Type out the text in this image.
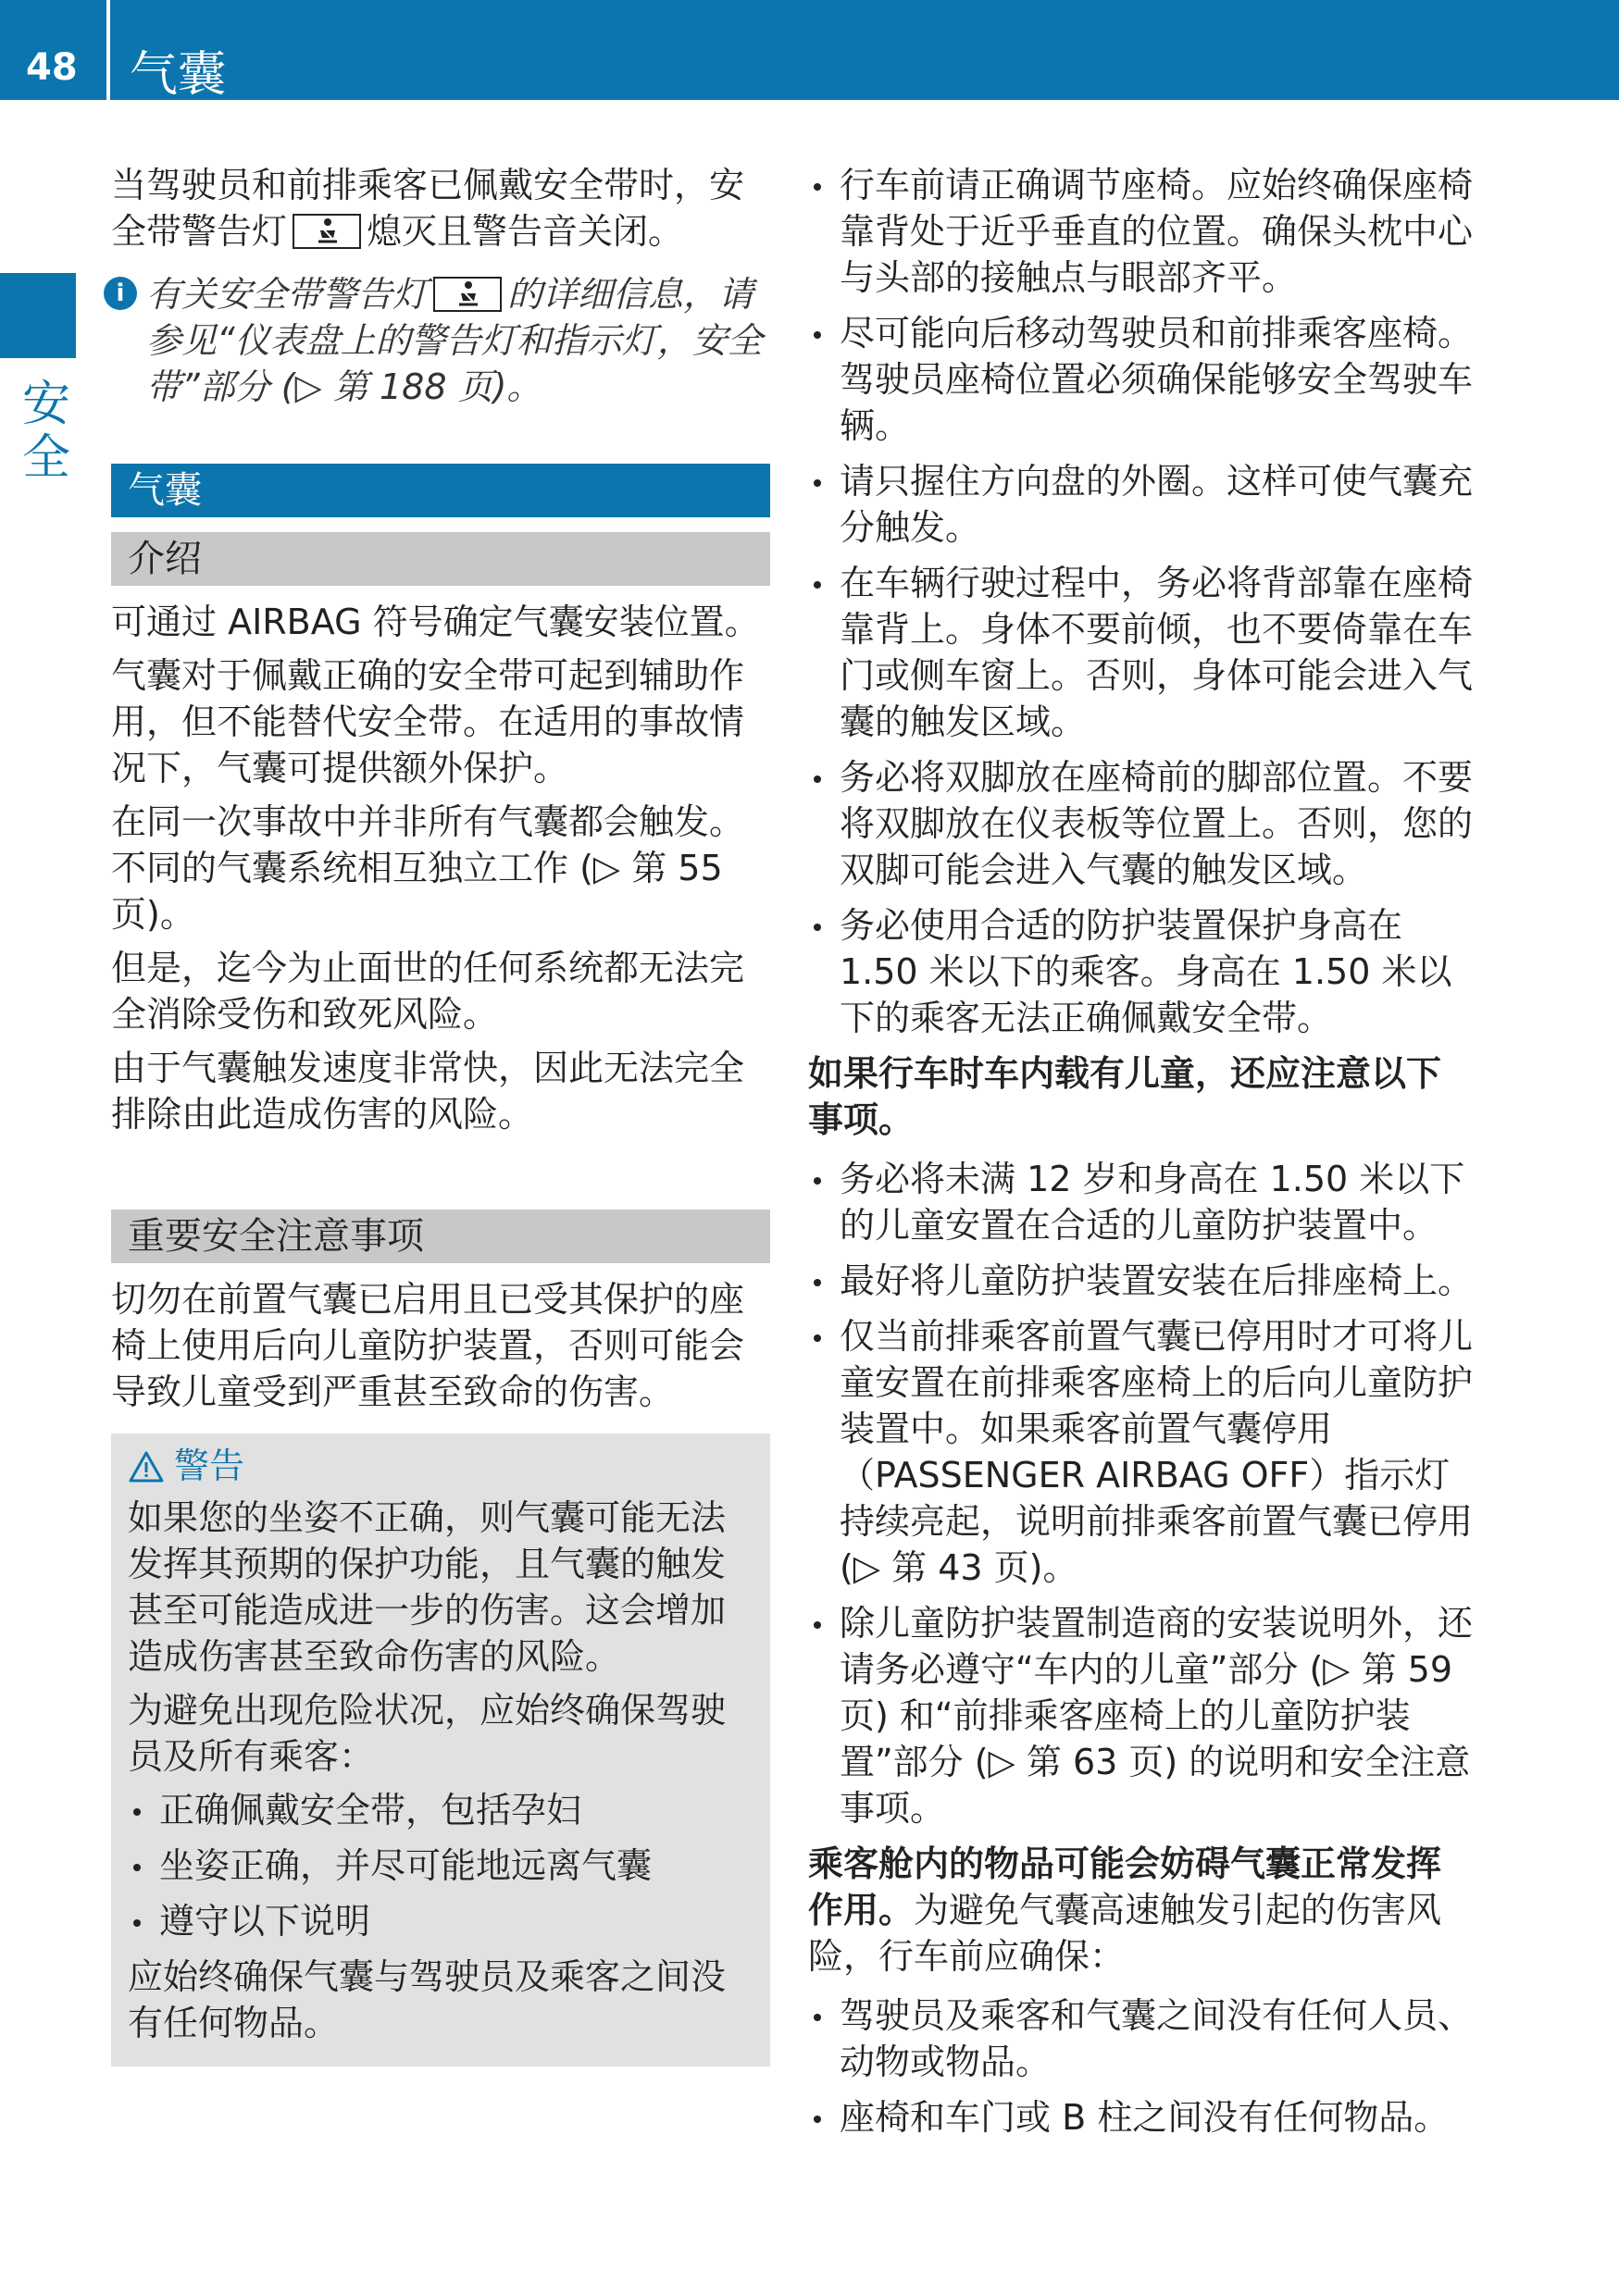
48 气囊
安全

当驾驶员和前排乘客已佩戴安全带时，安全带警告灯 熄灭且警告音关闭。

i 有关安全带警告灯 的详细信息，请参见“仪表盘上的警告灯和指示灯，安全带”部分 (▷ 第 188 页)。
气囊
介绍

可通过 AIRBAG 符号确定气囊安装位置。

气囊对于佩戴正确的安全带可起到辅助作用，但不能替代安全带。在适用的事故情况下，气囊可提供额外保护。

在同一次事故中并非所有气囊都会触发。不同的气囊系统相互独立工作 (▷ 第 55 页)。

但是，迄今为止面世的任何系统都无法完全消除受伤和致死风险。

由于气囊触发速度非常快，因此无法完全排除由此造成伤害的风险。

重要安全注意事项

切勿在前置气囊已启用且已受其保护的座椅上使用后向儿童防护装置，否则可能会导致儿童受到严重甚至致命的伤害。

警告

如果您的坐姿不正确，则气囊可能无法发挥其预期的保护功能，且气囊的触发甚至可能造成进一步的伤害。这会增加造成伤害甚至致命伤害的风险。

为避免出现危险状况，应始终确保驾驶员及所有乘客：

正确佩戴安全带，包括孕妇
坐姿正确，并尽可能地远离气囊
遵守以下说明

应始终确保气囊与驾驶员及乘客之间没有任何物品。

行车前请正确调节座椅。应始终确保座椅靠背处于近乎垂直的位置。确保头枕中心与头部的接触点与眼部齐平。
尽可能向后移动驾驶员和前排乘客座椅。驾驶员座椅位置必须确保能够安全驾驶车辆。
请只握住方向盘的外圈。这样可使气囊充分触发。
在车辆行驶过程中，务必将背部靠在座椅靠背上。身体不要前倾，也不要倚靠在车门或侧车窗上。否则，身体可能会进入气囊的触发区域。
务必将双脚放在座椅前的脚部位置。不要将双脚放在仪表板等位置上。否则，您的双脚可能会进入气囊的触发区域。
务必使用合适的防护装置保护身高在 1.50 米以下的乘客。身高在 1.50 米以下的乘客无法正确佩戴安全带。

如果行车时车内载有儿童，还应注意以下事项。

务必将未满 12 岁和身高在 1.50 米以下的儿童安置在合适的儿童防护装置中。
最好将儿童防护装置安装在后排座椅上。
仅当前排乘客前置气囊已停用时才可将儿童安置在前排乘客座椅上的后向儿童防护装置中。如果乘客前置气囊停用（PASSENGER AIRBAG OFF）指示灯持续亮起，说明前排乘客前置气囊已停用 (▷ 第 43 页)。
除儿童防护装置制造商的安装说明外，还请务必遵守“车内的儿童”部分 (▷ 第 59 页) 和“前排乘客座椅上的儿童防护装置”部分 (▷ 第 63 页) 的说明和安全注意事项。

乘客舱内的物品可能会妨碍气囊正常发挥作用。为避免气囊高速触发引起的伤害风险，行车前应确保：

驾驶员及乘客和气囊之间没有任何人员、动物或物品。
座椅和车门或 B 柱之间没有任何物品。
